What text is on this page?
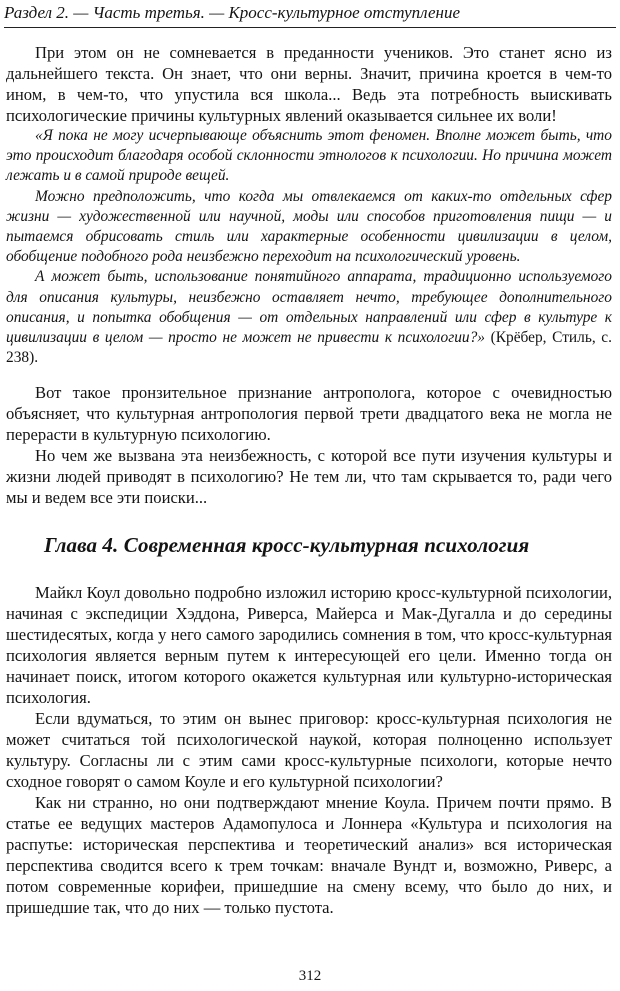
Раздел 2. — Часть третья. — Кросс-культурное отступление

При этом он не сомневается в преданности учеников. Это станет ясно из дальнейшего текста. Он знает, что они верны. Значит, причина кроется в чем-то ином, в чем-то, что упустила вся школа... Ведь эта потребность выискивать психологические причины культурных явлений оказывается сильнее их воли!

«Я пока не могу исчерпывающе объяснить этот феномен. Вполне может быть, что это происходит благодаря особой склонности этнологов к психологии. Но причина может лежать и в самой природе вещей.

Можно предположить, что когда мы отвлекаемся от каких-то отдельных сфер жизни — художественной или научной, моды или способов приготовления пищи — и пытаемся обрисовать стиль или характерные особенности цивилизации в целом, обобщение подобного рода неизбежно переходит на психологический уровень.

А может быть, использование понятийного аппарата, традиционно используемого для описания культуры, неизбежно оставляет нечто, требующее дополнительного описания, и попытка обобщения — от отдельных направлений или сфер в культуре к цивилизации в целом — просто не может не привести к психологии?» (Крёбер, Стиль, с. 238).

Вот такое пронзительное признание антрополога, которое с очевидностью объясняет, что культурная антропология первой трети двадцатого века не могла не перерасти в культурную психологию.

Но чем же вызвана эта неизбежность, с которой все пути изучения культуры и жизни людей приводят в психологию? Не тем ли, что там скрывается то, ради чего мы и ведем все эти поиски...

Глава 4. Современная кросс-культурная психология

Майкл Коул довольно подробно изложил историю кросс-культурной психологии, начиная с экспедиции Хэддона, Риверса, Майерса и Мак-Дугалла и до середины шестидесятых, когда у него самого зародились сомнения в том, что кросс-культурная психология является верным путем к интересующей его цели. Именно тогда он начинает поиск, итогом которого окажется культурная или культурно-историческая психология.

Если вдуматься, то этим он вынес приговор: кросс-культурная психология не может считаться той психологической наукой, которая полноценно использует культуру. Согласны ли с этим сами кросс-культурные психологи, которые нечто сходное говорят о самом Коуле и его культурной психологии?

Как ни странно, но они подтверждают мнение Коула. Причем почти прямо. В статье ее ведущих мастеров Адамопулоса и Лоннера «Культура и психология на распутье: историческая перспектива и теоретический анализ» вся историческая перспектива сводится всего к трем точкам: вначале Вундт и, возможно, Риверс, а потом современные корифеи, пришедшие на смену всему, что было до них, и пришедшие так, что до них — только пустота.

312
